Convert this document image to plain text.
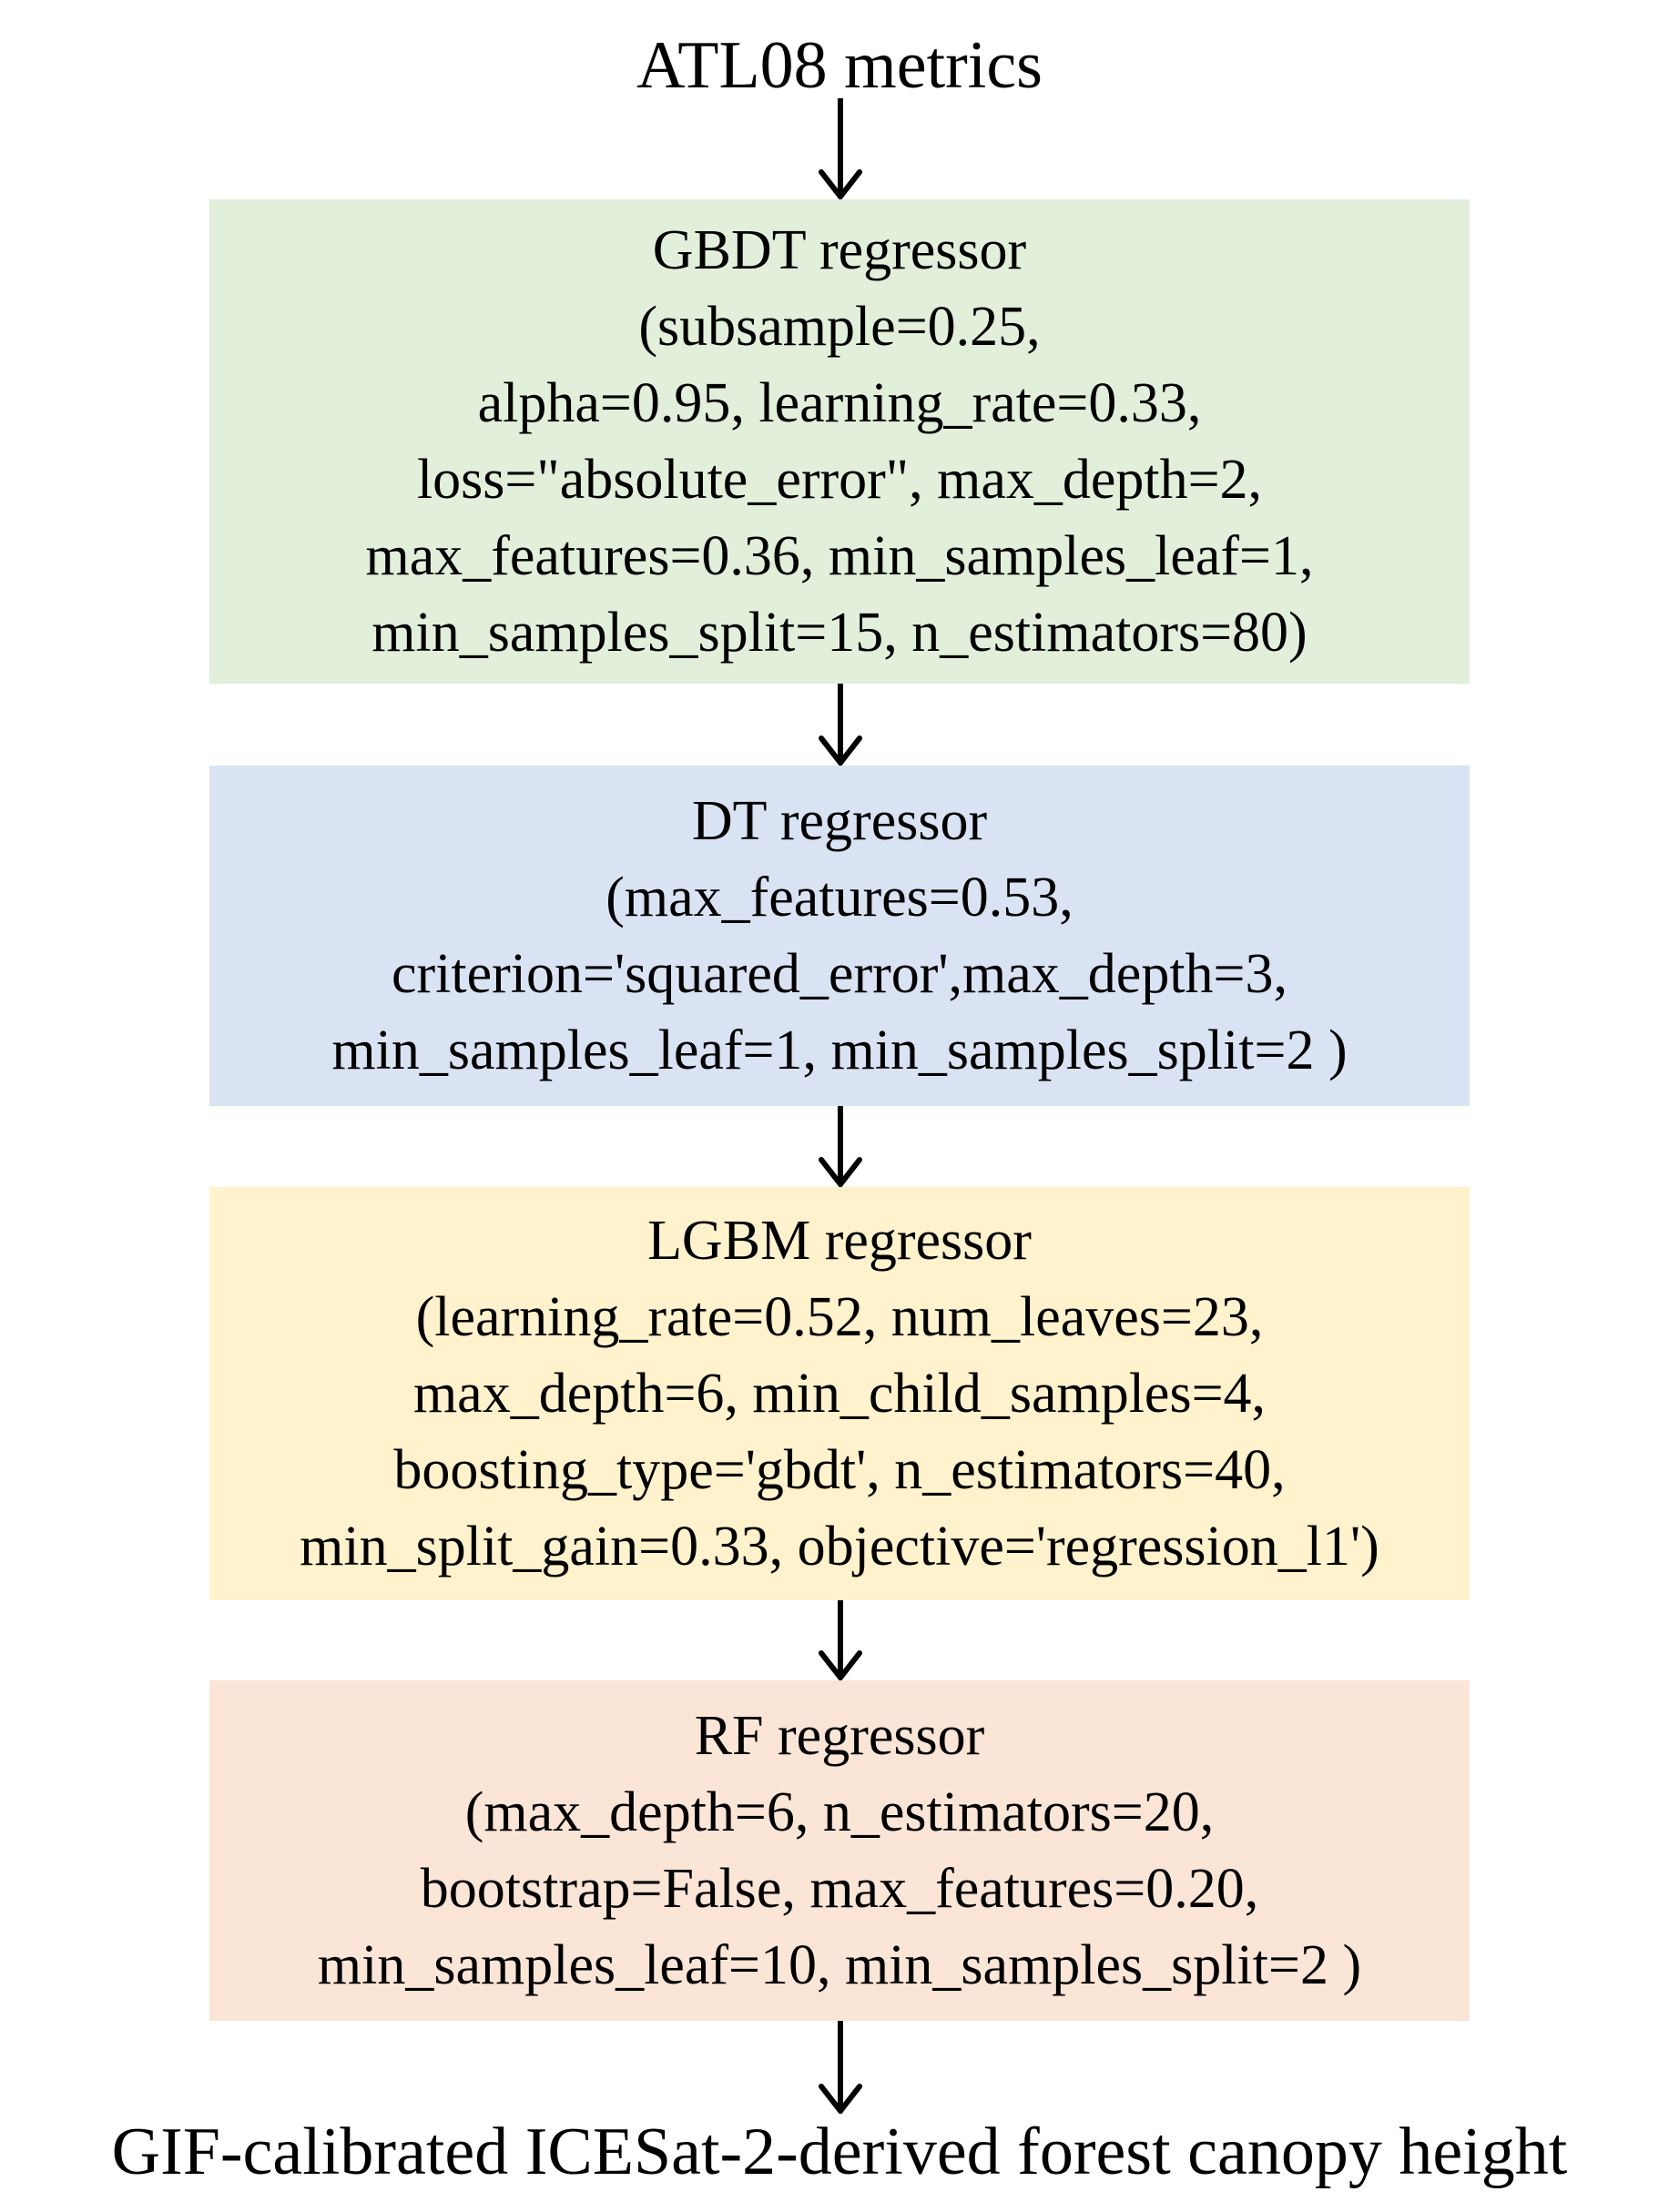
ATL08 metrics
GBDT regressor
(subsample=0.25,
alpha=0.95, learning_rate=0.33,
loss="absolute_error", max_depth=2,
max_features=0.36, min_samples_leaf=1,
min_samples_split=15, n_estimators=80)
DT regressor
(max_features=0.53,
criterion='squared_error',max_depth=3,
min_samples_leaf=1, min_samples_split=2 )
LGBM regressor
(learning_rate=0.52, num_leaves=23,
max_depth=6, min_child_samples=4,
boosting_type='gbdt', n_estimators=40,
min_split_gain=0.33, objective='regression_l1')
RF regressor
(max_depth=6, n_estimators=20,
bootstrap=False, max_features=0.20,
min_samples_leaf=10, min_samples_split=2 )
GIF-calibrated ICESat-2-derived forest canopy height
